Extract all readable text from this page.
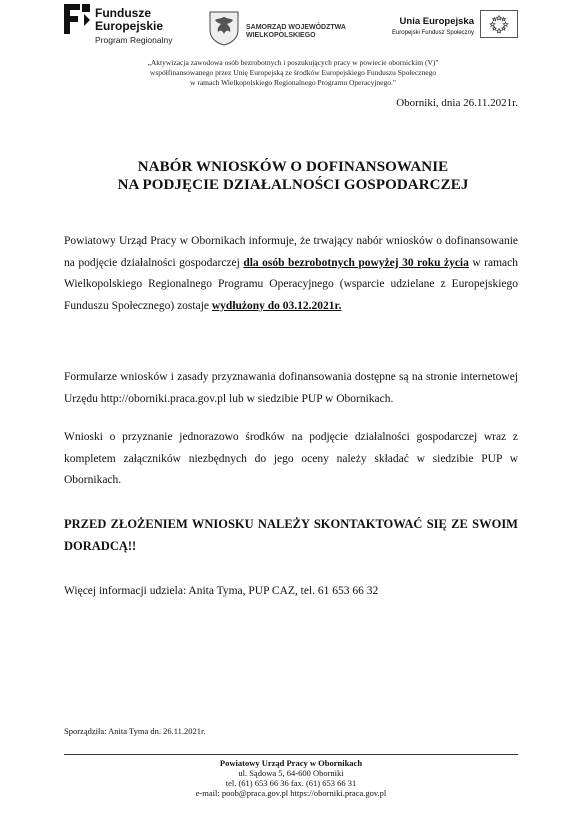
Fundusze
Europejskie
Program Regionalny
SAMORZĄD WOJEWÓDZTWA
WIELKOPOLSKIEGO
Unia Europejska
Europejski Fundusz Społeczny
„Aktywizacja zawodowa osób bezrobotnych i poszukujących pracy w powiecie obornickim (V)"
współfinansowanego przez Unię Europejską ze środków Europejskiego Funduszu Społecznego
w ramach Wielkopolskiego Regionalnego Programu Operacyjnego."
Oborniki, dnia 26.11.2021r.
NABÓR WNIOSKÓW O DOFINANSOWANIE
NA PODJĘCIE DZIAŁALNOŚCI GOSPODARCZEJ
Powiatowy Urząd Pracy w Obornikach informuje, że trwający nabór wniosków o dofinansowanie na podjęcie działalności gospodarczej dla osób bezrobotnych powyżej 30 roku życia w ramach Wielkopolskiego Regionalnego Programu Operacyjnego (wsparcie udzielane z Europejskiego Funduszu Społecznego) zostaje wydłużony do 03.12.2021r.
Formularze wniosków i zasady przyznawania dofinansowania dostępne są na stronie internetowej Urzędu http://oborniki.praca.gov.pl lub w siedzibie PUP w Obornikach.
Wnioski o przyznanie jednorazowo środków na podjęcie działalności gospodarczej wraz z kompletem załączników niezbędnych do jego oceny należy składać w siedzibie PUP w Obornikach.
PRZED ZŁOŻENIEM WNIOSKU NALEŻY SKONTAKTOWAĆ SIĘ ZE SWOIM DORADCĄ!!
Więcej informacji udziela: Anita Tyma, PUP CAZ, tel. 61 653 66 32
Sporządziła: Anita Tyma dn. 26.11.2021r.
Powiatowy Urząd Pracy w Obornikach
ul. Sądowa 5, 64-600 Oborniki
tel. (61) 653 66 36 fax. (61) 653 66 31
e-mail: poob@praca.gov.pl https://oborniki.praca.gov.pl
